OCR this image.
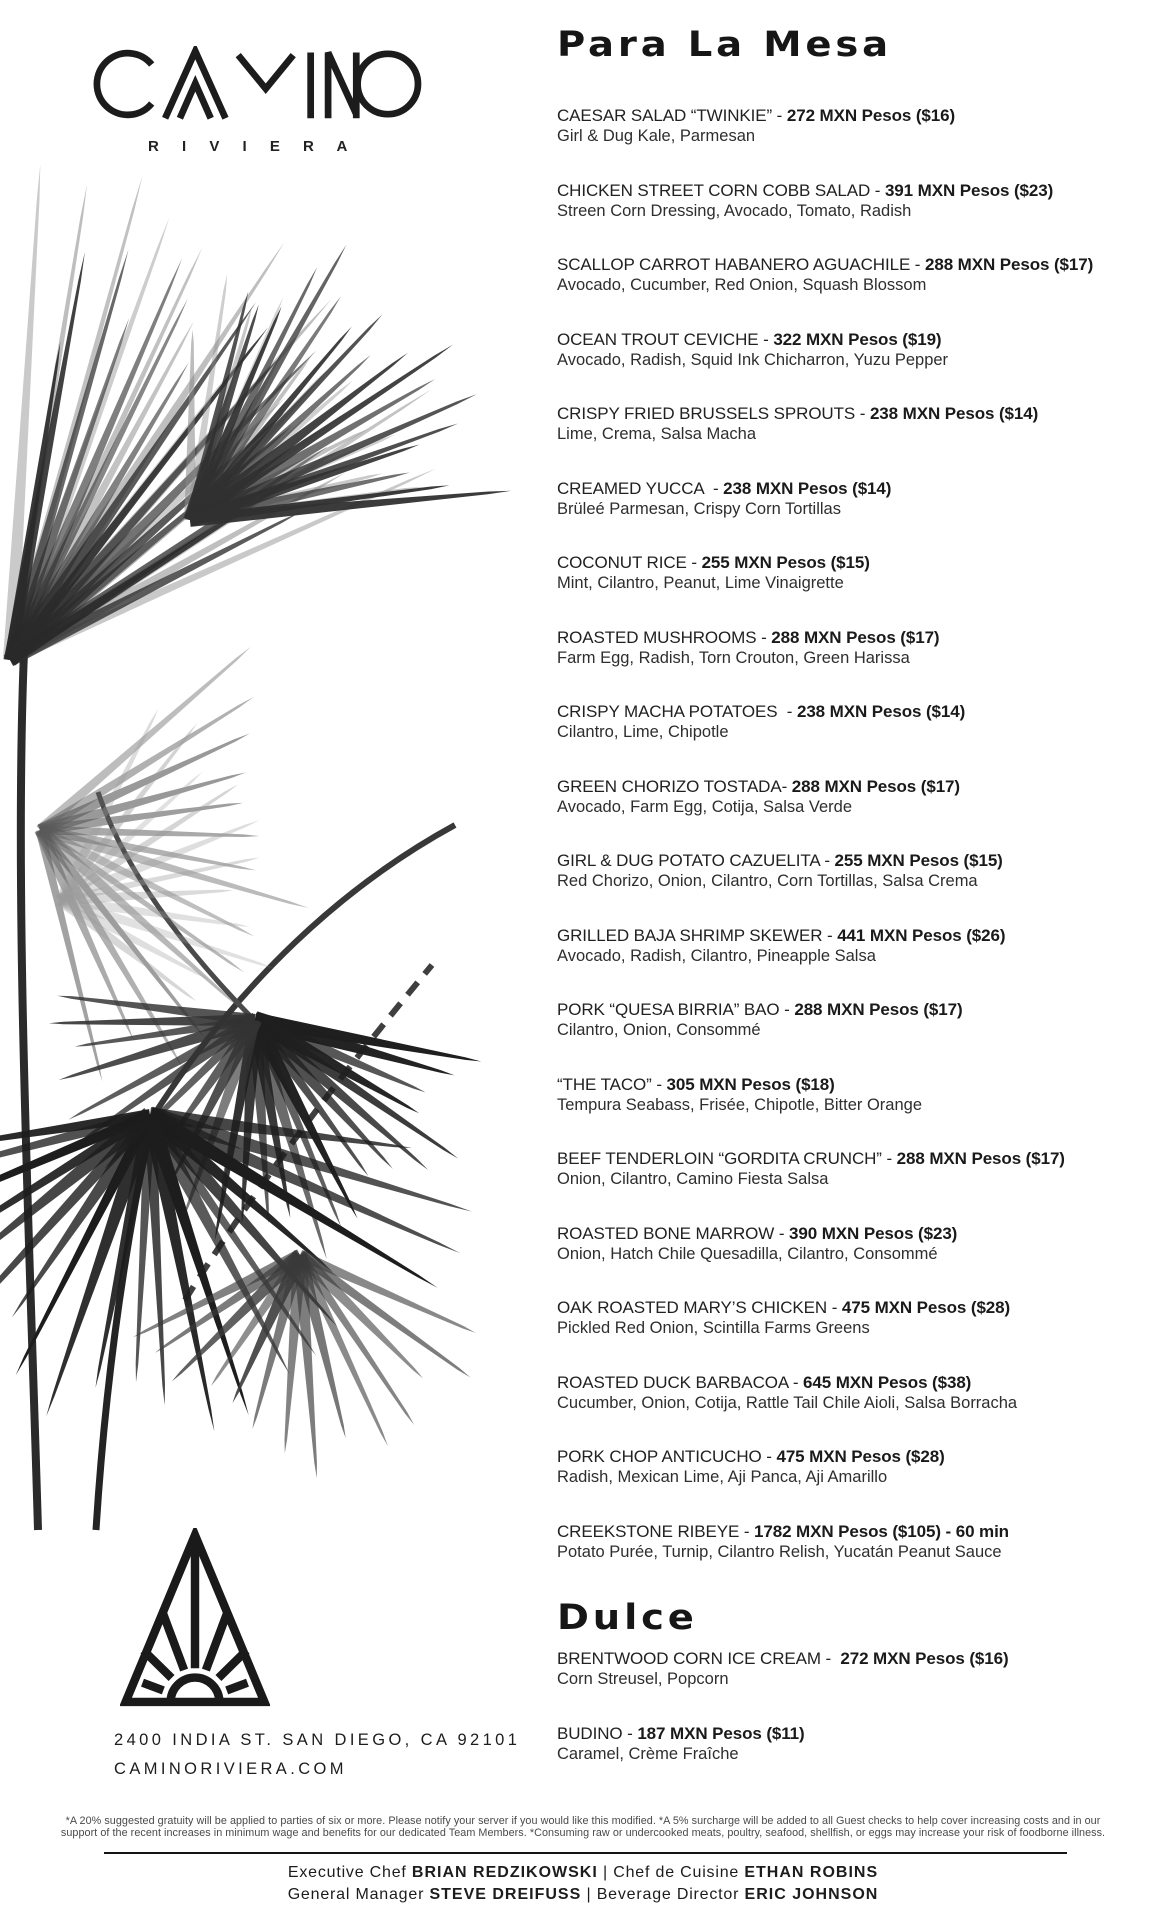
R I V I E R A
Para La Mesa
CAESAR SALAD “TWINKIE” - 272 MXN Pesos ($16)
Girl & Dug Kale, Parmesan
CHICKEN STREET CORN COBB SALAD - 391 MXN Pesos ($23)
Streen Corn Dressing, Avocado, Tomato, Radish
SCALLOP CARROT HABANERO AGUACHILE - 288 MXN Pesos ($17)
Avocado, Cucumber, Red Onion, Squash Blossom
OCEAN TROUT CEVICHE - 322 MXN Pesos ($19)
Avocado, Radish, Squid Ink Chicharron, Yuzu Pepper
CRISPY FRIED BRUSSELS SPROUTS - 238 MXN Pesos ($14)
Lime, Crema, Salsa Macha
CREAMED YUCCA  - 238 MXN Pesos ($14)
Brüleé Parmesan, Crispy Corn Tortillas
COCONUT RICE - 255 MXN Pesos ($15)
Mint, Cilantro, Peanut, Lime Vinaigrette
ROASTED MUSHROOMS - 288 MXN Pesos ($17)
Farm Egg, Radish, Torn Crouton, Green Harissa
CRISPY MACHA POTATOES  - 238 MXN Pesos ($14)
Cilantro, Lime, Chipotle
GREEN CHORIZO TOSTADA- 288 MXN Pesos ($17)
Avocado, Farm Egg, Cotija, Salsa Verde
GIRL & DUG POTATO CAZUELITA - 255 MXN Pesos ($15)
Red Chorizo, Onion, Cilantro, Corn Tortillas, Salsa Crema
GRILLED BAJA SHRIMP SKEWER - 441 MXN Pesos ($26)
Avocado, Radish, Cilantro, Pineapple Salsa
PORK “QUESA BIRRIA” BAO - 288 MXN Pesos ($17)
Cilantro, Onion, Consommé
“THE TACO” - 305 MXN Pesos ($18)
Tempura Seabass, Frisée, Chipotle, Bitter Orange
BEEF TENDERLOIN “GORDITA CRUNCH” - 288 MXN Pesos ($17)
Onion, Cilantro, Camino Fiesta Salsa
ROASTED BONE MARROW - 390 MXN Pesos ($23)
Onion, Hatch Chile Quesadilla, Cilantro, Consommé
OAK ROASTED MARY’S CHICKEN - 475 MXN Pesos ($28)
Pickled Red Onion, Scintilla Farms Greens
ROASTED DUCK BARBACOA - 645 MXN Pesos ($38)
Cucumber, Onion, Cotija, Rattle Tail Chile Aioli, Salsa Borracha
PORK CHOP ANTICUCHO - 475 MXN Pesos ($28)
Radish, Mexican Lime, Aji Panca, Aji Amarillo
CREEKSTONE RIBEYE - 1782 MXN Pesos ($105) - 60 min
Potato Purée, Turnip, Cilantro Relish, Yucatán Peanut Sauce
Dulce
BRENTWOOD CORN ICE CREAM -  272 MXN Pesos ($16)
Corn Streusel, Popcorn
BUDINO - 187 MXN Pesos ($11)
Caramel, Crème Fraîche
2400 INDIA ST. SAN DIEGO, CA 92101
CAMINORIVIERA.COM
*A 20% suggested gratuity will be applied to parties of six or more. Please notify your server if you would like this modified. *A 5% surcharge will be added to all Guest checks to help cover increasing costs and in our
support of the recent increases in minimum wage and benefits for our dedicated Team Members. *Consuming raw or undercooked meats, poultry, seafood, shellfish, or eggs may increase your risk of foodborne illness.
Executive Chef BRIAN REDZIKOWSKI | Chef de Cuisine ETHAN ROBINS
General Manager STEVE DREIFUSS | Beverage Director ERIC JOHNSON
